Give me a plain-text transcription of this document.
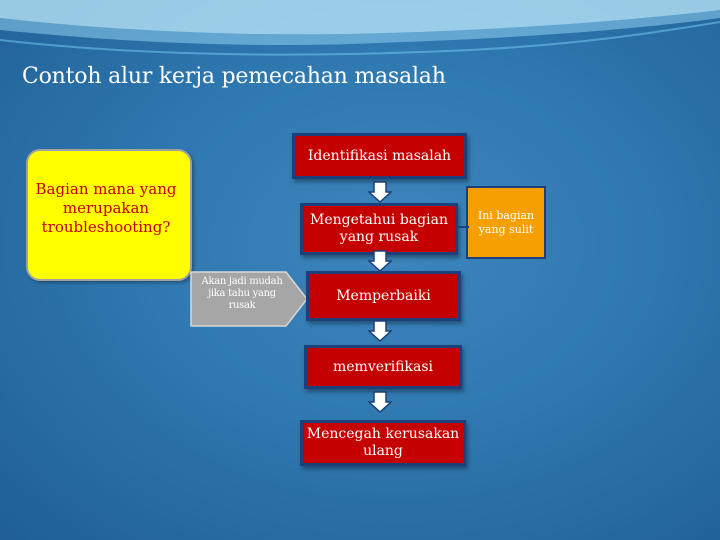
Contoh alur kerja pemecahan masalah
Bagian mana yang merupakan troubleshooting?
Akan jadi mudah jika tahu yang rusak
Identifikasi masalah
Mengetahui bagian yang rusak
Memperbaiki
memverifikasi
Mencegah kerusakan ulang
Ini bagian yang sulit
